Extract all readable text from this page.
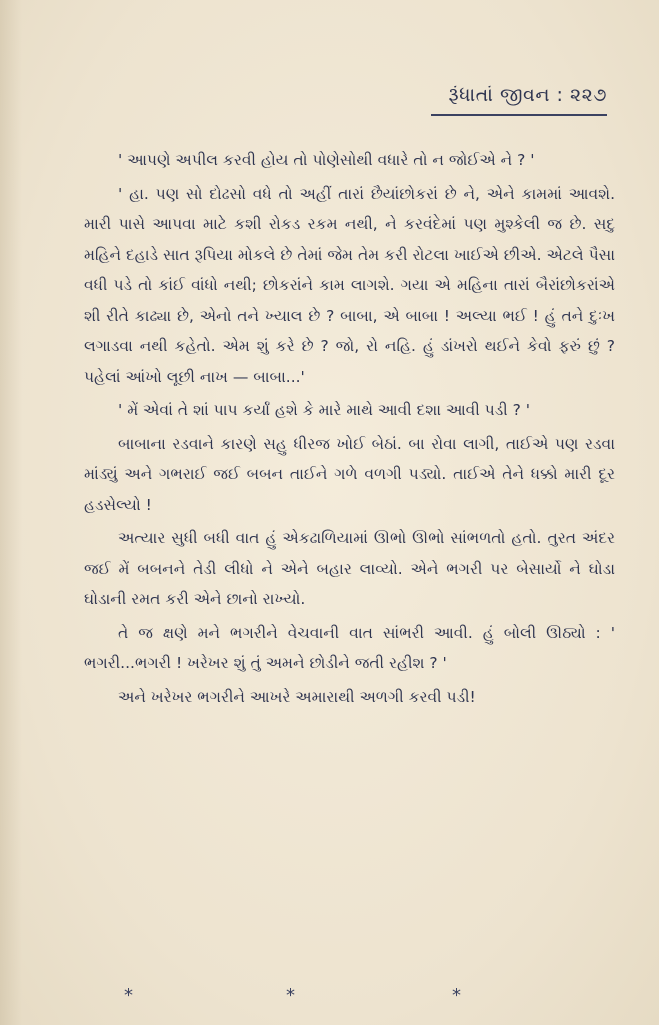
રૂંધાતાં જીવન : ૨૨૭

' આપણે અપીલ કરવી હોય તો પોણેસોથી વધારે તો ન જોઈએ ને ? '

' હા. પણ સો દોઢસો વધે તો અહીં તારાં છૈયાંછોકરાં છે ને, એને કામમાં આવશે. મારી પાસે આપવા માટે કશી રોકડ રકમ નથી, ને કરવંદેમાં પણ મુશ્કેલી જ છે. સદુ મહિને દહાડે સાત રૂપિયા મોકલે છે તેમાં જેમ તેમ કરી રોટલા ખાઈએ છીએ. એટલે પૈસા વધી પડે તો કાંઈ વાંધો નથી; છોકરાંને કામ લાગશે. ગયા એ મહિના તારાં બૈરાંછોકરાંએ શી રીતે કાઢ્યા છે, એનો તને ખ્યાલ છે ? બાબા, એ બાબા ! અલ્યા ભઈ ! હું તને દુઃખ લગાડવા નથી કહેતો. એમ શું કરે છે ? જો, રો નહિ. હું ડાંખરો થઈને કેવો ફરું છું ? પહેલાં આંખો લૂછી નાખ — બાબા...'

' મેં એવાં તે શાં પાપ કર્યાં હશે કે મારે માથે આવી દશા આવી પડી ? '

બાબાના રડવાને કારણે સહુ ધીરજ ખોઈ બેઠાં. બા રોવા લાગી, તાઈએ પણ રડવા માંડ્યું અને ગભરાઈ જઈ બબન તાઈને ગળે વળગી પડ્યો. તાઈએ તેને ધક્કો મારી દૂર હડસેલ્યો !

અત્યાર સુધી બધી વાત હું એકઢાળિયામાં ઊભો ઊભો સાંભળતો હતો. તુરત અંદર જઈ મેં બબનને તેડી લીધો ને એને બહાર લાવ્યો. એને ભગરી પર બેસાર્યો ને ઘોડા ઘોડાની રમત કરી એને છાનો રાખ્યો.

તે જ ક્ષણે મને ભગરીને વેચવાની વાત સાંભરી આવી. હું બોલી ઊઠ્યો : ' ભગરી...ભગરી ! ખરેખર શું તું અમને છોડીને જતી રહીશ ? '

અને ખરેખર ભગરીને આખરે અમારાથી અળગી કરવી પડી!

*	*	*
